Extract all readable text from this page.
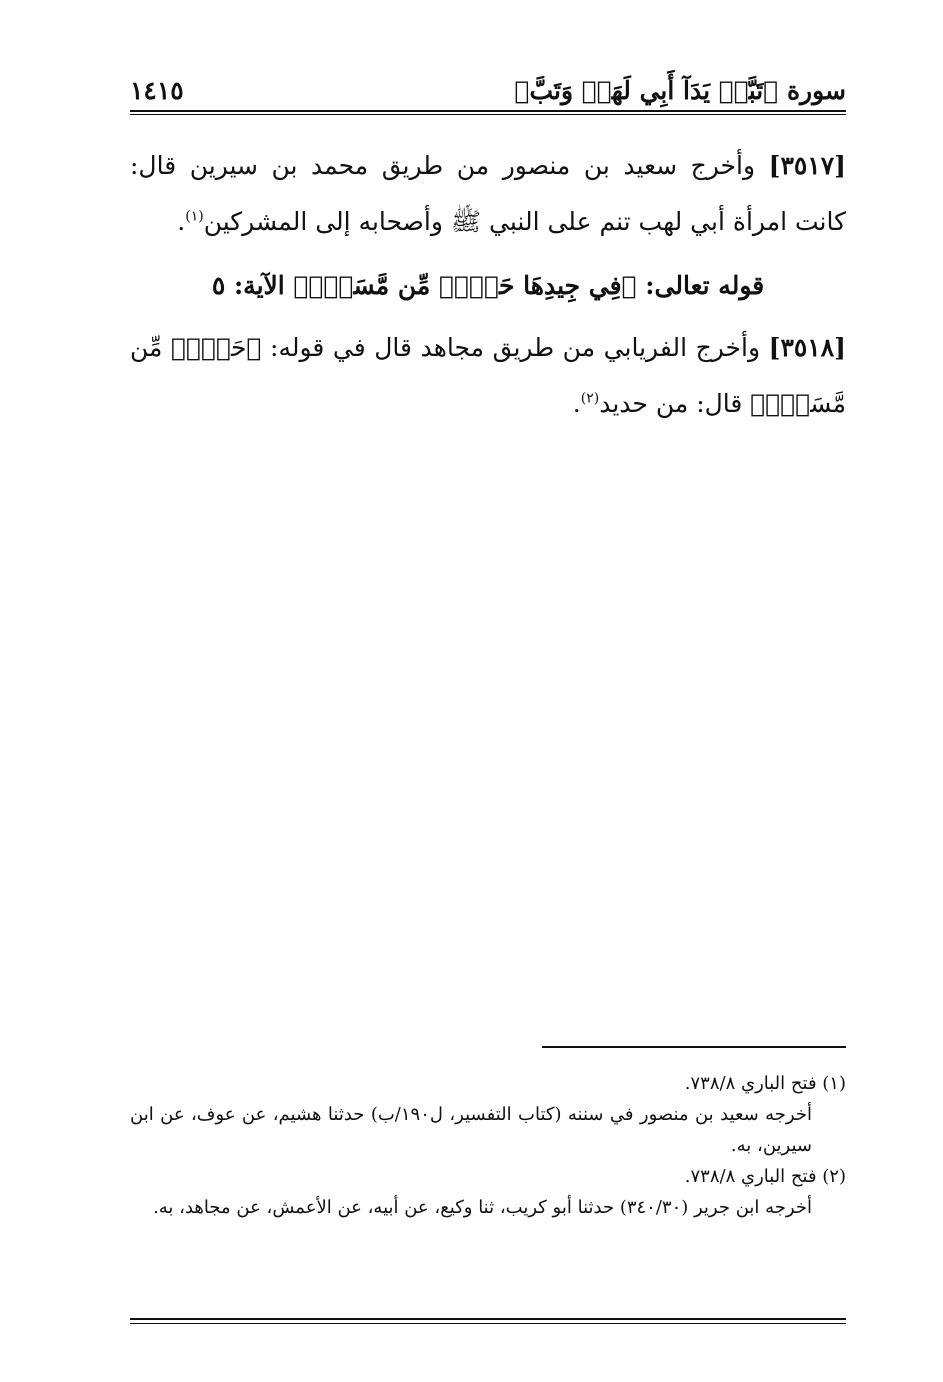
سورة ﴿تَبَّتۡ يَدَآ أَبِي لَهَبٖ وَتَبَّ﴾
١٤١٥

[٣٥١٧] وأخرج سعيد بن منصور من طريق محمد بن سيرين قال: كانت امرأة أبي لهب تنم على النبي ﷺ وأصحابه إلى المشركين$^{(١)}$.

قوله تعالى: ﴿فِي جِيدِهَا حَبۡلٞ مِّن مَّسَدِۭ﴾ الآية: ٥

[٣٥١٨] وأخرج الفريابي من طريق مجاهد قال في قوله: ﴿حَبۡلٞ مِّن مَّسَدِۭ﴾ قال: من حديد$^{(٢)}$.

(١) فتح الباري ٧٣٨/٨.

أخرجه سعيد بن منصور في سننه (كتاب التفسير، ل١٩٠/ب) حدثنا هشيم، عن عوف، عن ابن سيرين، به.

(٢) فتح الباري ٧٣٨/٨.

أخرجه ابن جرير (٣٤٠/٣٠) حدثنا أبو كريب، ثنا وكيع، عن أبيه، عن الأعمش، عن مجاهد، به.
